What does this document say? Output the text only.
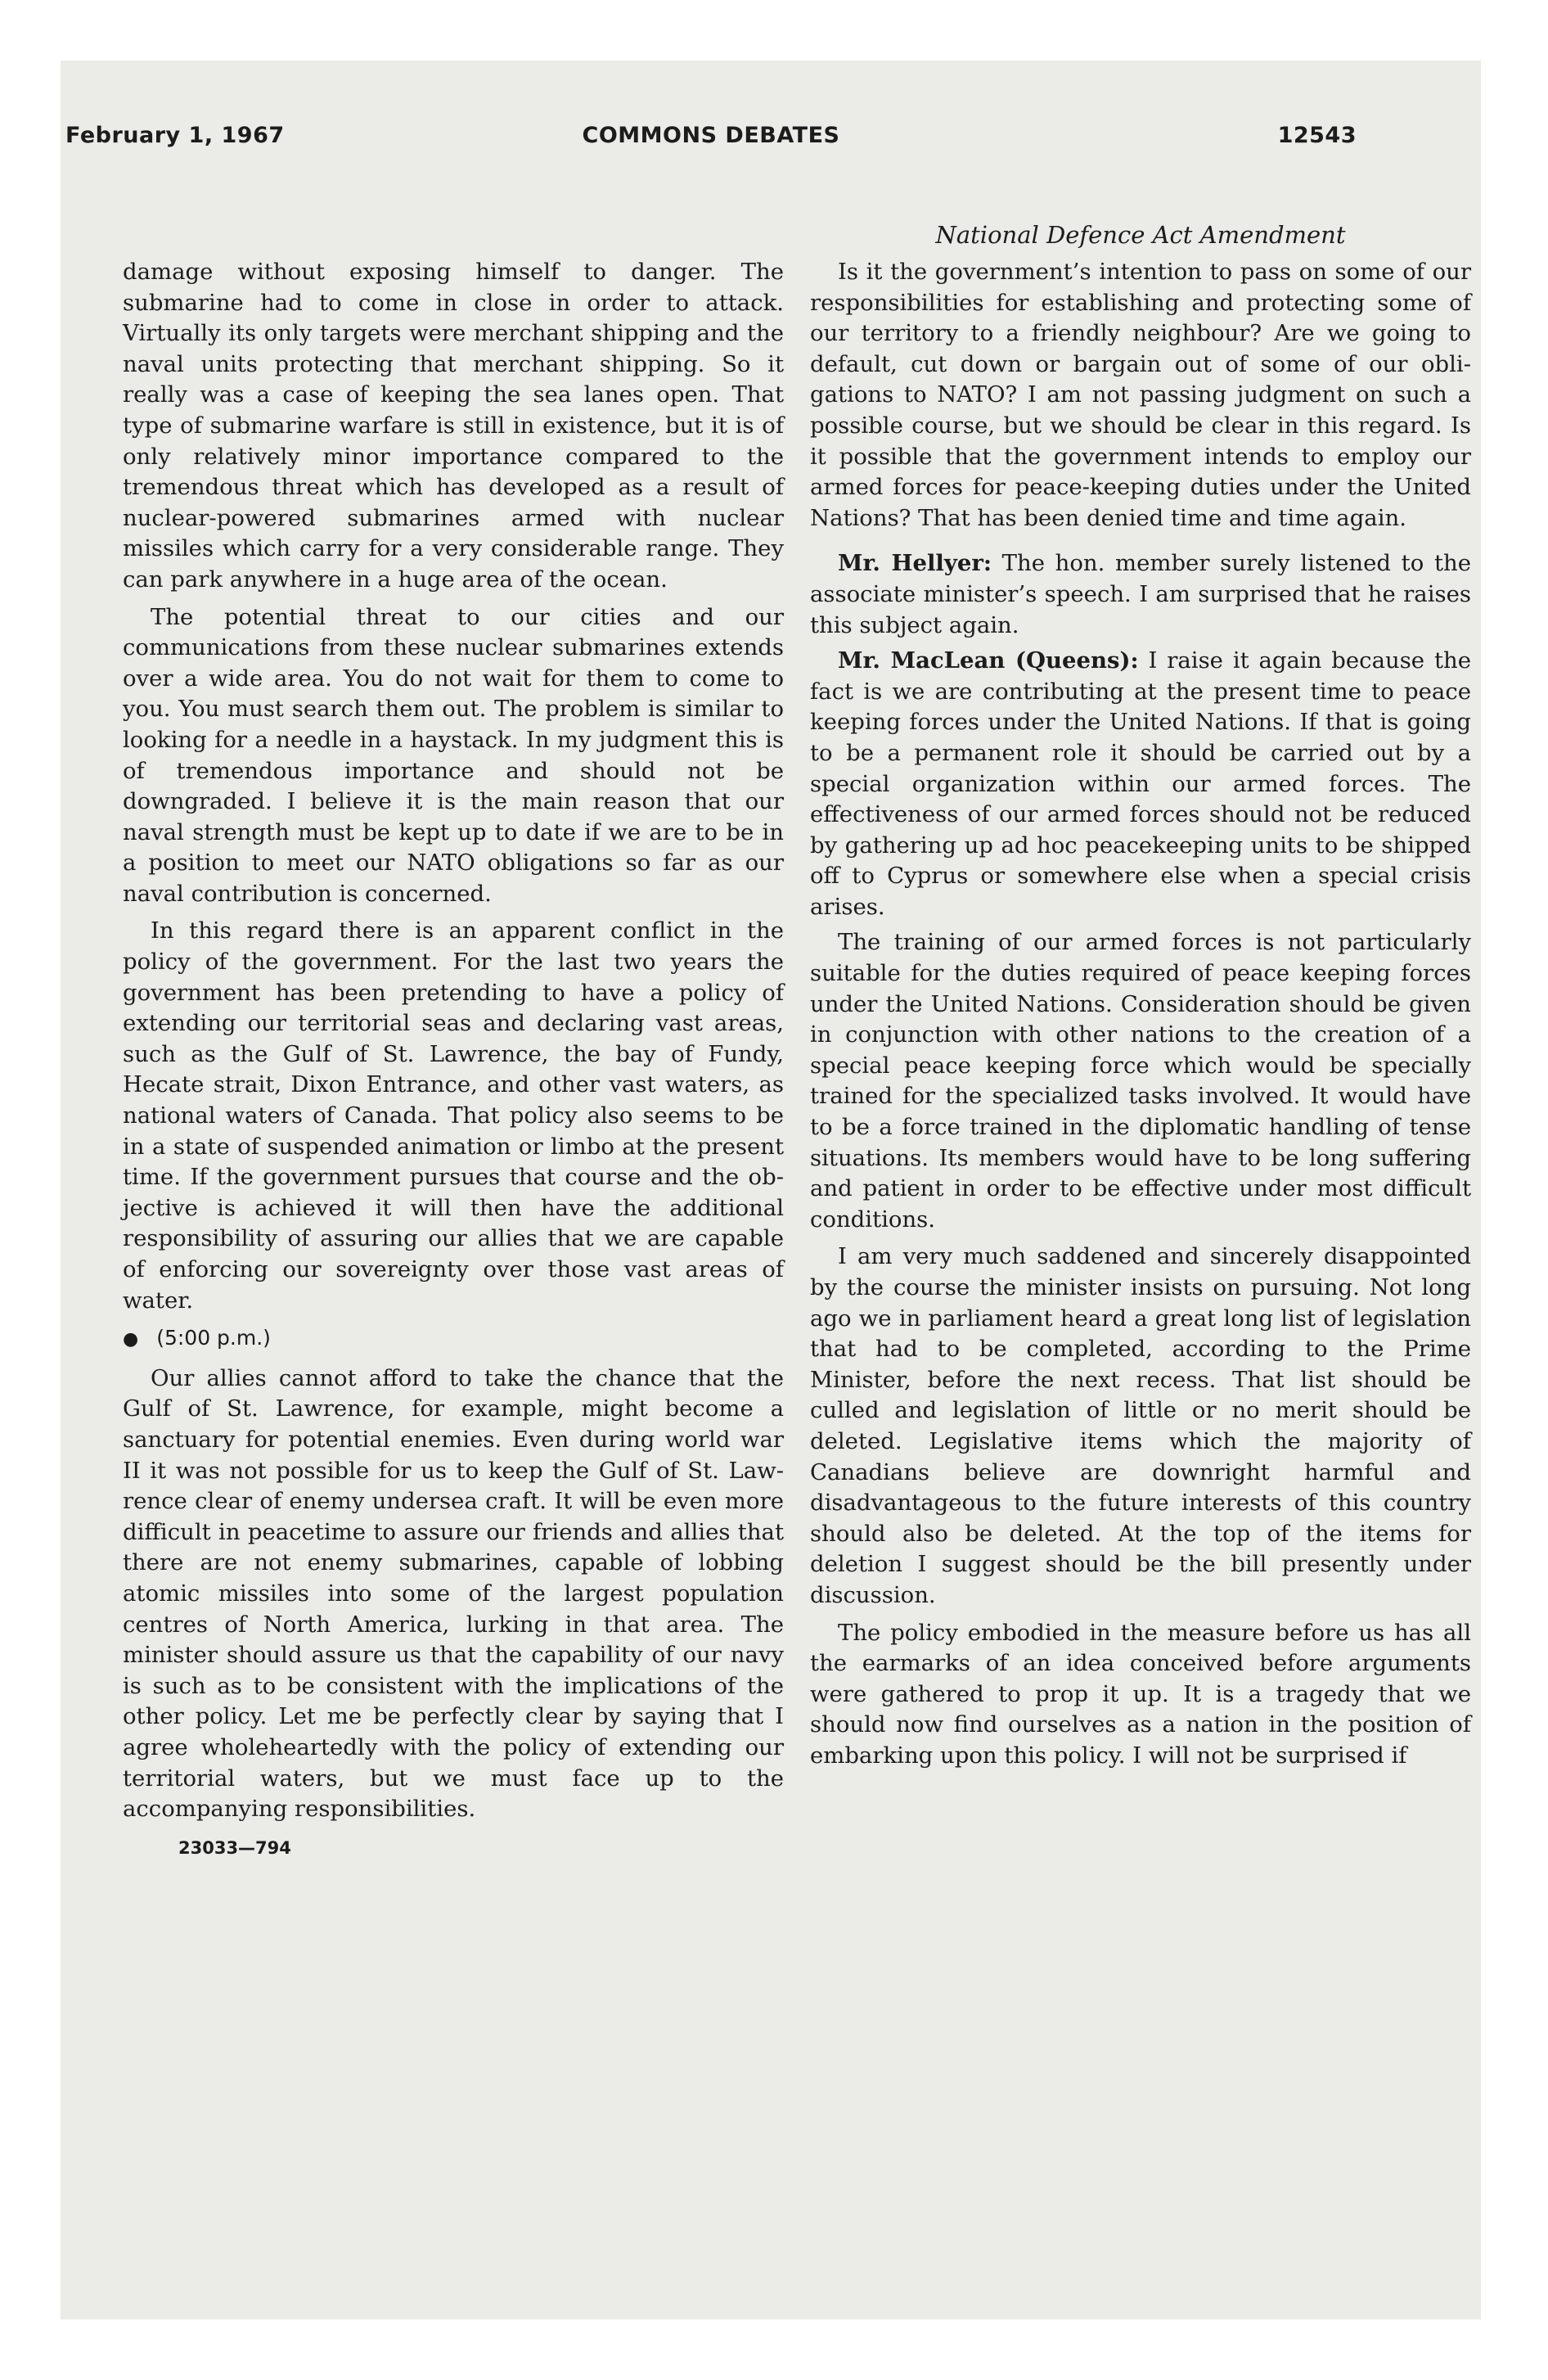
February 1, 1967	COMMONS DEBATES	12543
National Defence Act Amendment

damage without exposing himself to danger. The submarine had to come in close in order to attack. Virtually its only targets were merchant shipping and the naval units protecting that merchant shipping. So it really was a case of keeping the sea lanes open. That type of submarine warfare is still in existence, but it is of only relatively minor importance compared to the tremendous threat which has developed as a result of nuclear-powered submarines armed with nuclear missiles which carry for a very considerable range. They can park anywhere in a huge area of the ocean.

The potential threat to our cities and our communications from these nuclear submarines extends over a wide area. You do not wait for them to come to you. You must search them out. The problem is similar to looking for a needle in a haystack. In my judgment this is of tremendous importance and should not be downgraded. I believe it is the main reason that our naval strength must be kept up to date if we are to be in a position to meet our NATO obligations so far as our naval contribution is concerned.

In this regard there is an apparent conflict in the policy of the government. For the last two years the government has been pretending to have a policy of extending our territorial seas and declaring vast areas, such as the Gulf of St. Lawrence, the bay of Fundy, Hecate strait, Dixon Entrance, and other vast waters, as national waters of Canada. That policy also seems to be in a state of suspended animation or limbo at the present time. If the government pursues that course and the objective is achieved it will then have the additional responsibility of assuring our allies that we are capable of enforcing our sovereignty over those vast areas of water.

● (5:00 p.m.)

Our allies cannot afford to take the chance that the Gulf of St. Lawrence, for example, might become a sanctuary for potential enemies. Even during world war II it was not possible for us to keep the Gulf of St. Lawrence clear of enemy undersea craft. It will be even more difficult in peacetime to assure our friends and allies that there are not enemy submarines, capable of lobbing atomic missiles into some of the largest population centres of North America, lurking in that area. The minister should assure us that the capability of our navy is such as to be consistent with the implications of the other policy. Let me be perfectly clear by saying that I agree wholeheartedly with the policy of extending our territorial waters, but we must face up to the accompanying responsibilities.

23033—794

Is it the government’s intention to pass on some of our responsibilities for establishing and protecting some of our territory to a friendly neighbour? Are we going to default, cut down or bargain out of some of our obligations to NATO? I am not passing judgment on such a possible course, but we should be clear in this regard. Is it possible that the government intends to employ our armed forces for peace-keeping duties under the United Nations? That has been denied time and time again.

Mr. Hellyer: The hon. member surely listened to the associate minister’s speech. I am surprised that he raises this subject again.

Mr. MacLean (Queens): I raise it again because the fact is we are contributing at the present time to peace keeping forces under the United Nations. If that is going to be a permanent role it should be carried out by a special organization within our armed forces. The effectiveness of our armed forces should not be reduced by gathering up ad hoc peacekeeping units to be shipped off to Cyprus or somewhere else when a special crisis arises.

The training of our armed forces is not particularly suitable for the duties required of peace keeping forces under the United Nations. Consideration should be given in conjunction with other nations to the creation of a special peace keeping force which would be specially trained for the specialized tasks involved. It would have to be a force trained in the diplomatic handling of tense situations. Its members would have to be long suffering and patient in order to be effective under most difficult conditions.

I am very much saddened and sincerely disappointed by the course the minister insists on pursuing. Not long ago we in parliament heard a great long list of legislation that had to be completed, according to the Prime Minister, before the next recess. That list should be culled and legislation of little or no merit should be deleted. Legislative items which the majority of Canadians believe are downright harmful and disadvantageous to the future interests of this country should also be deleted. At the top of the items for deletion I suggest should be the bill presently under discussion.

The policy embodied in the measure before us has all the earmarks of an idea conceived before arguments were gathered to prop it up. It is a tragedy that we should now find ourselves as a nation in the position of embarking upon this policy. I will not be surprised if
